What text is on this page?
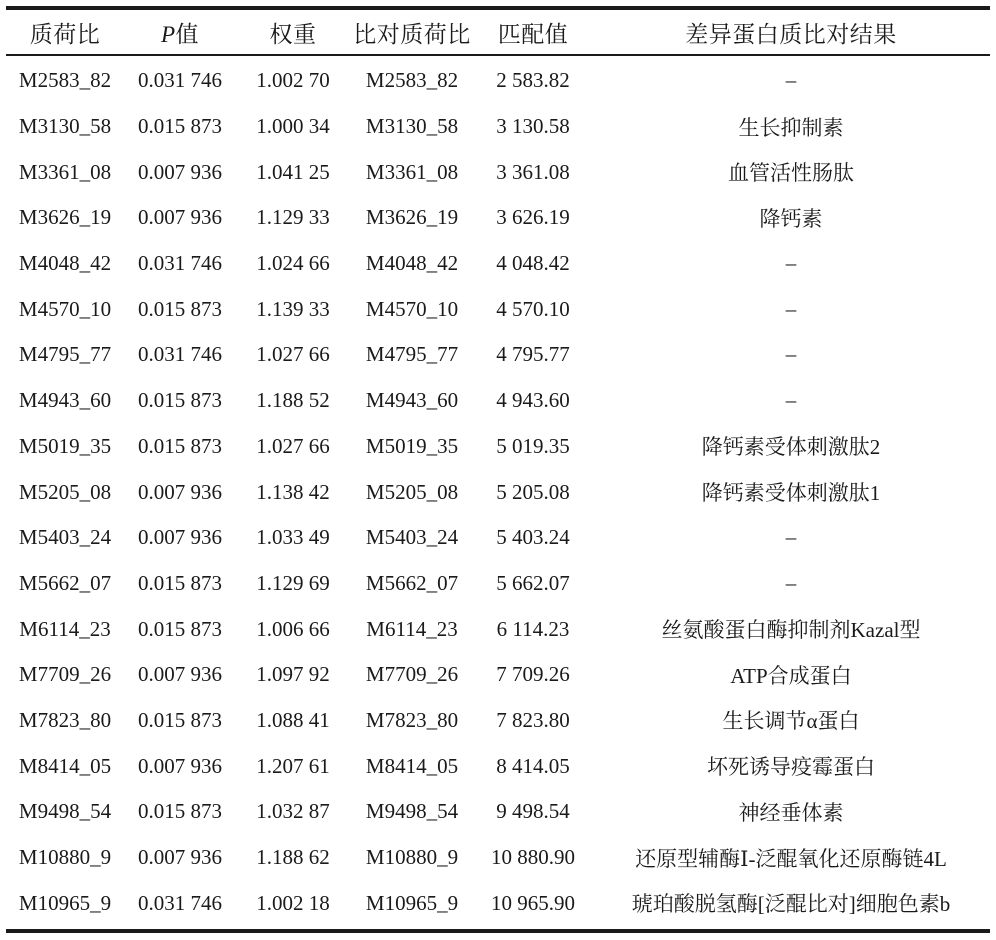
质荷比	P值	权重	比对质荷比	匹配值	差异蛋白质比对结果
M2583_82	0.031 746	1.002 70	M2583_82	2 583.82	–
M3130_58	0.015 873	1.000 34	M3130_58	3 130.58	生长抑制素
M3361_08	0.007 936	1.041 25	M3361_08	3 361.08	血管活性肠肽
M3626_19	0.007 936	1.129 33	M3626_19	3 626.19	降钙素
M4048_42	0.031 746	1.024 66	M4048_42	4 048.42	–
M4570_10	0.015 873	1.139 33	M4570_10	4 570.10	–
M4795_77	0.031 746	1.027 66	M4795_77	4 795.77	–
M4943_60	0.015 873	1.188 52	M4943_60	4 943.60	–
M5019_35	0.015 873	1.027 66	M5019_35	5 019.35	降钙素受体刺激肽2
M5205_08	0.007 936	1.138 42	M5205_08	5 205.08	降钙素受体刺激肽1
M5403_24	0.007 936	1.033 49	M5403_24	5 403.24	–
M5662_07	0.015 873	1.129 69	M5662_07	5 662.07	–
M6114_23	0.015 873	1.006 66	M6114_23	6 114.23	丝氨酸蛋白酶抑制剂Kazal型
M7709_26	0.007 936	1.097 92	M7709_26	7 709.26	ATP合成蛋白
M7823_80	0.015 873	1.088 41	M7823_80	7 823.80	生长调节α蛋白
M8414_05	0.007 936	1.207 61	M8414_05	8 414.05	坏死诱导疫霉蛋白
M9498_54	0.015 873	1.032 87	M9498_54	9 498.54	神经垂体素
M10880_9	0.007 936	1.188 62	M10880_9	10 880.90	还原型辅酶Ⅰ-泛醌氧化还原酶链4L
M10965_9	0.031 746	1.002 18	M10965_9	10 965.90	琥珀酸脱氢酶[泛醌比对]细胞色素b
